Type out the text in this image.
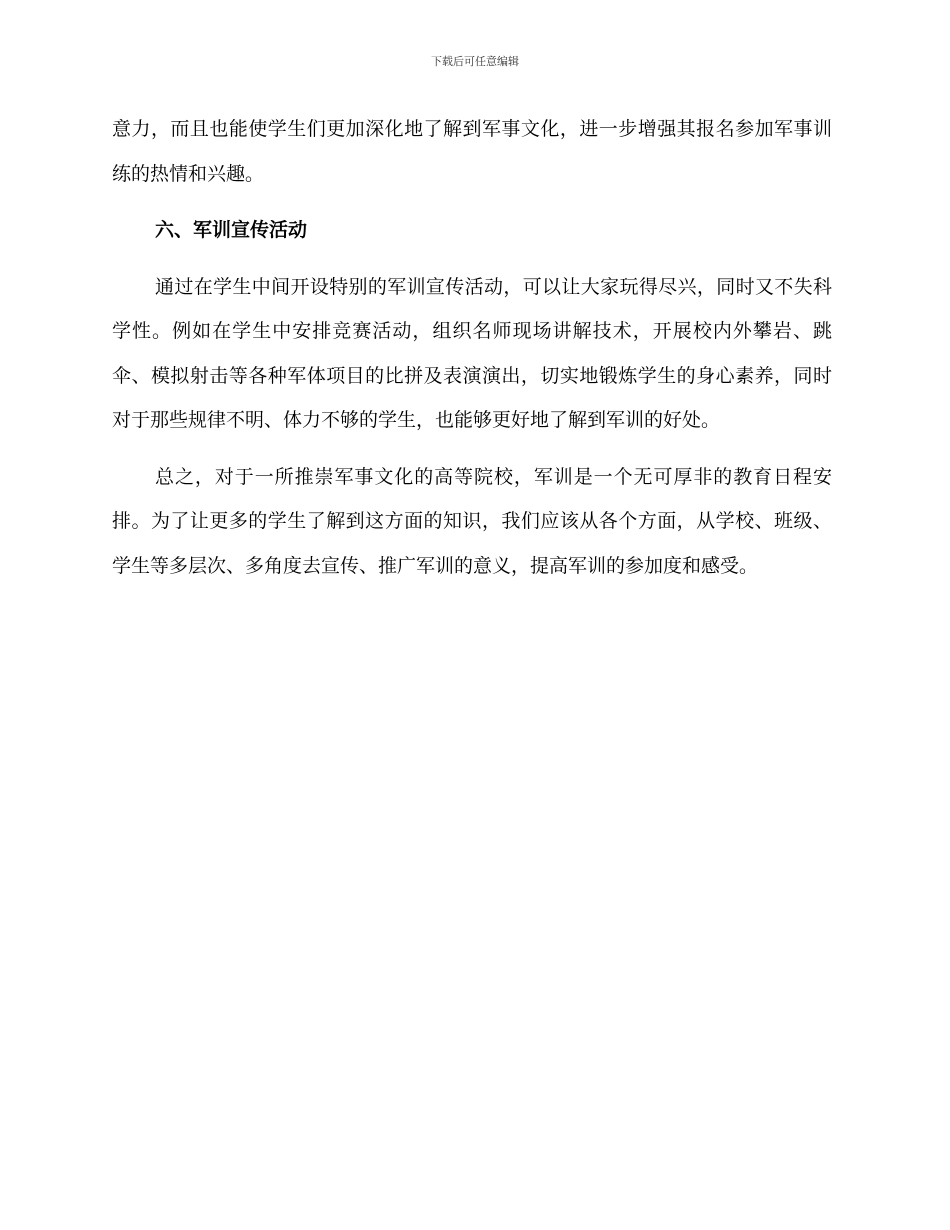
下载后可任意编辑

意力，而且也能使学生们更加深化地了解到军事文化，进一步增强其报名参加军事训练的热情和兴趣。

六、军训宣传活动

通过在学生中间开设特别的军训宣传活动，可以让大家玩得尽兴，同时又不失科学性。例如在学生中安排竞赛活动，组织名师现场讲解技术，开展校内外攀岩、跳伞、模拟射击等各种军体项目的比拼及表演演出，切实地锻炼学生的身心素养，同时对于那些规律不明、体力不够的学生，也能够更好地了解到军训的好处。

总之，对于一所推崇军事文化的高等院校，军训是一个无可厚非的教育日程安排。为了让更多的学生了解到这方面的知识，我们应该从各个方面，从学校、班级、学生等多层次、多角度去宣传、推广军训的意义，提高军训的参加度和感受。
